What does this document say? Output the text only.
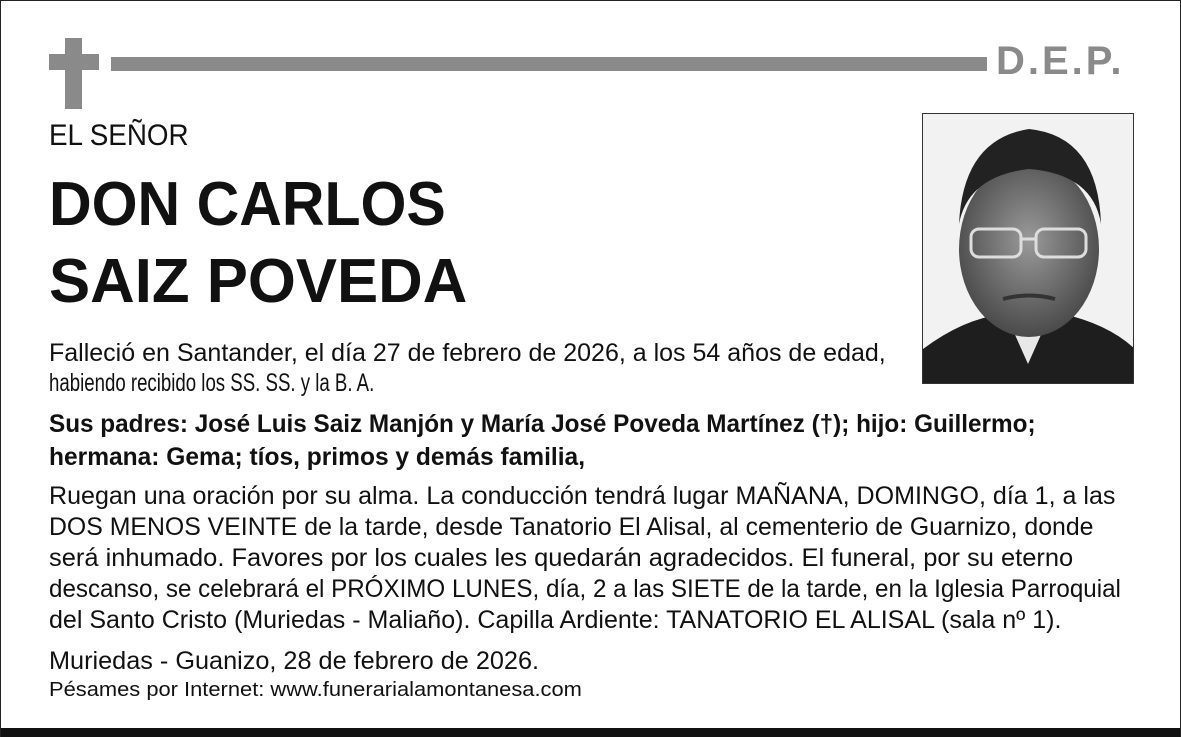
D.E.P.
EL SEÑOR
DON CARLOS
SAIZ POVEDA
Falleció en Santander, el día 27 de febrero de 2026, a los 54 años de edad,
habiendo recibido los SS. SS. y la B. A.
Sus padres: José Luis Saiz Manjón y María José Poveda Martínez (†); hijo: Guillermo;
hermana: Gema; tíos, primos y demás familia,
Ruegan una oración por su alma. La conducción tendrá lugar MAÑANA, DOMINGO, día 1, a las
DOS MENOS VEINTE de la tarde, desde Tanatorio El Alisal, al cementerio de Guarnizo, donde
será inhumado. Favores por los cuales les quedarán agradecidos. El funeral, por su eterno
descanso, se celebrará el PRÓXIMO LUNES, día, 2 a las SIETE de la tarde, en la Iglesia Parroquial
del Santo Cristo (Muriedas - Maliaño). Capilla Ardiente: TANATORIO EL ALISAL (sala nº 1).
Muriedas - Guanizo, 28 de febrero de 2026.
Pésames por Internet: www.funerarialamontanesa.com
